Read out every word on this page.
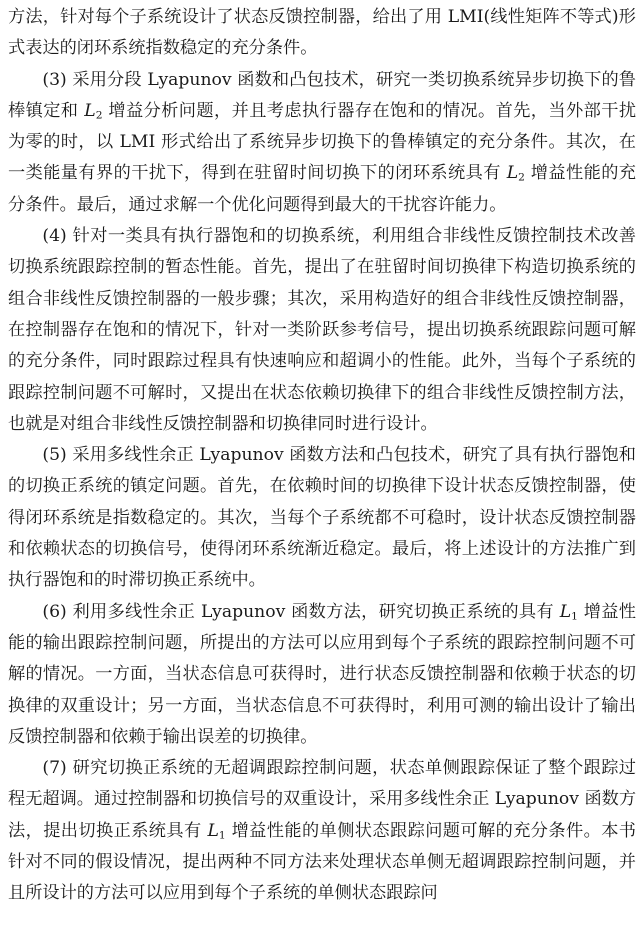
方法，针对每个子系统设计了状态反馈控制器，给出了用 LMI(线性矩阵不等式)形式表达的闭环系统指数稳定的充分条件。

(3) 采用分段 Lyapunov 函数和凸包技术，研究一类切换系统异步切换下的鲁棒镇定和 $L_2$ 增益分析问题，并且考虑执行器存在饱和的情况。首先，当外部干扰为零的时，以 LMI 形式给出了系统异步切换下的鲁棒镇定的充分条件。其次，在一类能量有界的干扰下，得到在驻留时间切换下的闭环系统具有 $L_2$ 增益性能的充分条件。最后，通过求解一个优化问题得到最大的干扰容许能力。

(4) 针对一类具有执行器饱和的切换系统，利用组合非线性反馈控制技术改善切换系统跟踪控制的暂态性能。首先，提出了在驻留时间切换律下构造切换系统的组合非线性反馈控制器的一般步骤；其次，采用构造好的组合非线性反馈控制器，在控制器存在饱和的情况下，针对一类阶跃参考信号，提出切换系统跟踪问题可解的充分条件，同时跟踪过程具有快速响应和超调小的性能。此外，当每个子系统的跟踪控制问题不可解时，又提出在状态依赖切换律下的组合非线性反馈控制方法，也就是对组合非线性反馈控制器和切换律同时进行设计。

(5) 采用多线性余正 Lyapunov 函数方法和凸包技术，研究了具有执行器饱和的切换正系统的镇定问题。首先，在依赖时间的切换律下设计状态反馈控制器，使得闭环系统是指数稳定的。其次，当每个子系统都不可稳时，设计状态反馈控制器和依赖状态的切换信号，使得闭环系统渐近稳定。最后，将上述设计的方法推广到执行器饱和的时滞切换正系统中。

(6) 利用多线性余正 Lyapunov 函数方法，研究切换正系统的具有 $L_1$ 增益性能的输出跟踪控制问题，所提出的方法可以应用到每个子系统的跟踪控制问题不可解的情况。一方面，当状态信息可获得时，进行状态反馈控制器和依赖于状态的切换律的双重设计；另一方面，当状态信息不可获得时，利用可测的输出设计了输出反馈控制器和依赖于输出误差的切换律。

(7) 研究切换正系统的无超调跟踪控制问题，状态单侧跟踪保证了整个跟踪过程无超调。通过控制器和切换信号的双重设计，采用多线性余正 Lyapunov 函数方法，提出切换正系统具有 $L_1$ 增益性能的单侧状态跟踪问题可解的充分条件。本书针对不同的假设情况，提出两种不同方法来处理状态单侧无超调跟踪控制问题，并且所设计的方法可以应用到每个子系统的单侧状态跟踪问
